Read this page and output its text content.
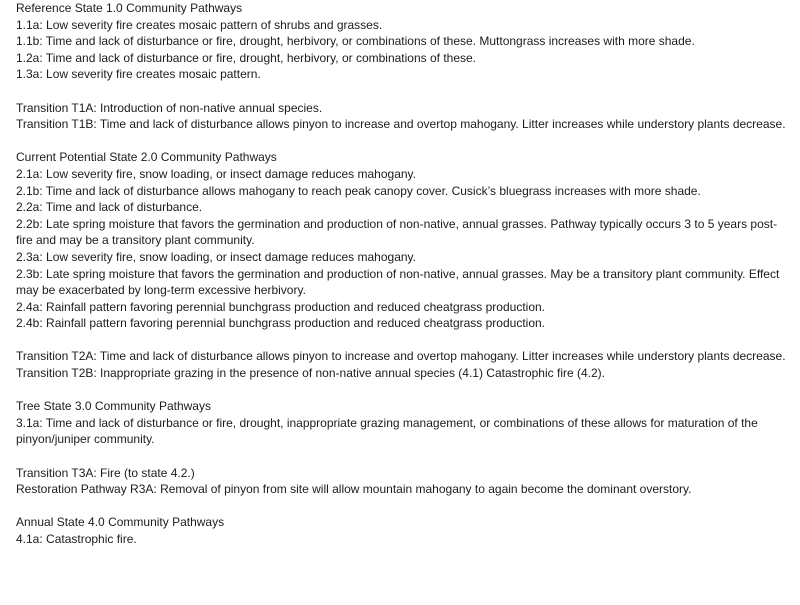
Reference State 1.0 Community Pathways
1.1a: Low severity fire creates mosaic pattern of shrubs and grasses.
1.1b: Time and lack of disturbance or fire, drought, herbivory, or combinations of these. Muttongrass increases with more shade.
1.2a: Time and lack of disturbance or fire, drought, herbivory, or combinations of these.
1.3a: Low severity fire creates mosaic pattern.
Transition T1A: Introduction of non-native annual species.
Transition T1B: Time and lack of disturbance allows pinyon to increase and overtop mahogany. Litter increases while understory plants decrease.
Current Potential State 2.0 Community Pathways
2.1a: Low severity fire, snow loading, or insect damage reduces mahogany.
2.1b: Time and lack of disturbance allows mahogany to reach peak canopy cover. Cusick’s bluegrass increases with more shade.
2.2a: Time and lack of disturbance.
2.2b: Late spring moisture that favors the germination and production of non-native, annual grasses. Pathway typically occurs 3 to 5 years post-fire and may be a transitory plant community.
2.3a: Low severity fire, snow loading, or insect damage reduces mahogany.
2.3b: Late spring moisture that favors the germination and production of non-native, annual grasses. May be a transitory plant community. Effect may be exacerbated by long-term excessive herbivory.
2.4a: Rainfall pattern favoring perennial bunchgrass production and reduced cheatgrass production.
2.4b: Rainfall pattern favoring perennial bunchgrass production and reduced cheatgrass production.
Transition T2A: Time and lack of disturbance allows pinyon to increase and overtop mahogany. Litter increases while understory plants decrease.
Transition T2B: Inappropriate grazing in the presence of non-native annual species (4.1) Catastrophic fire (4.2).
Tree State 3.0 Community Pathways
3.1a: Time and lack of disturbance or fire, drought, inappropriate grazing management, or combinations of these allows for maturation of the pinyon/juniper community.
Transition T3A: Fire (to state 4.2.)
Restoration Pathway R3A: Removal of pinyon from site will allow mountain mahogany to again become the dominant overstory.
Annual State 4.0 Community Pathways
4.1a: Catastrophic fire.
